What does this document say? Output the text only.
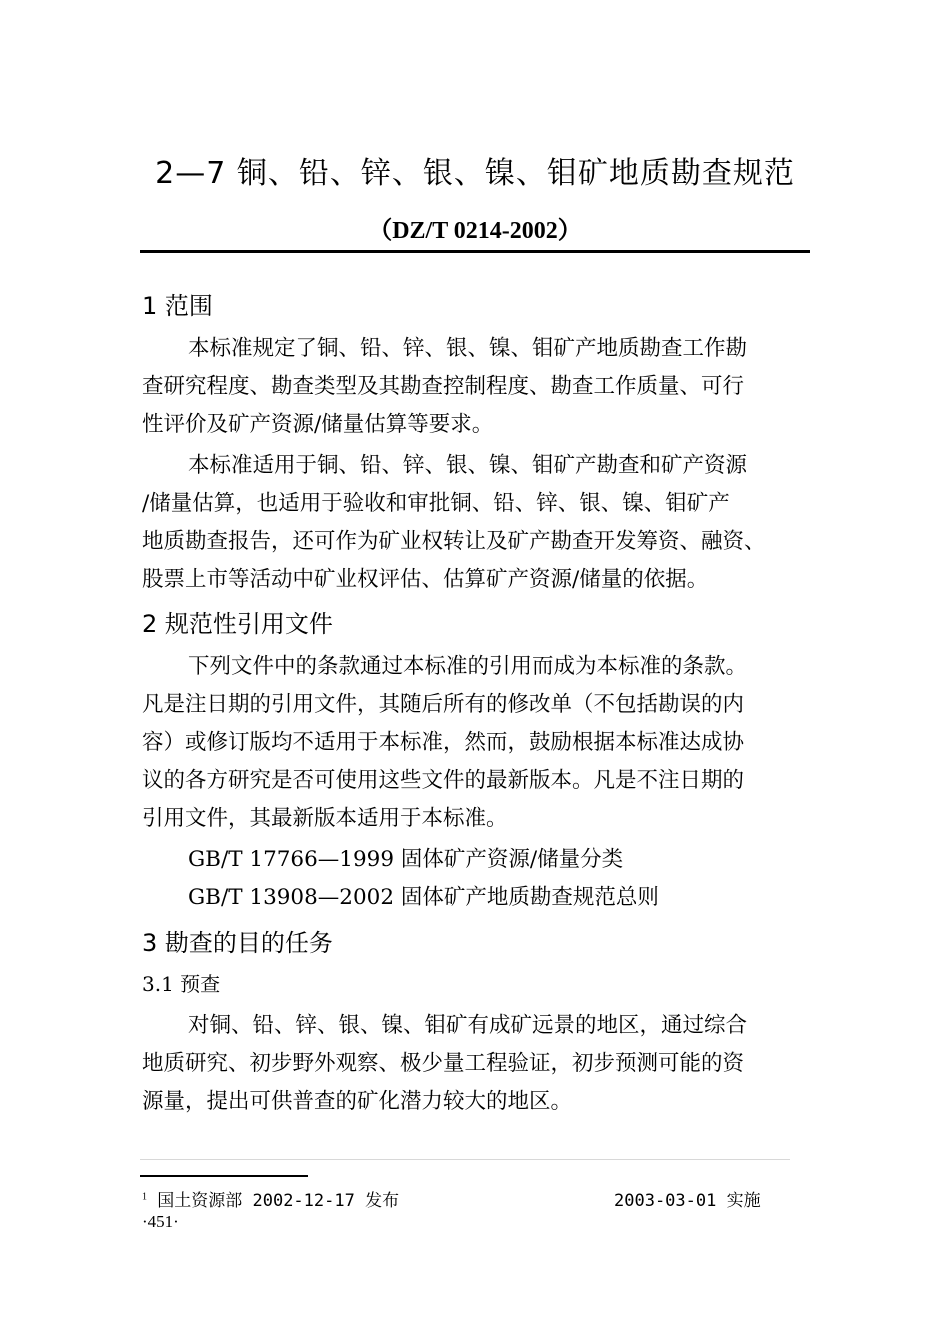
2—7 铜、铅、锌、银、镍、钼矿地质勘查规范
（DZ/T 0214-2002）
1 范围
本标准规定了铜、铅、锌、银、镍、钼矿产地质勘查工作勘
查研究程度、勘查类型及其勘查控制程度、勘查工作质量、可行
性评价及矿产资源/储量估算等要求。
本标准适用于铜、铅、锌、银、镍、钼矿产勘查和矿产资源
/储量估算，也适用于验收和审批铜、铅、锌、银、镍、钼矿产
地质勘查报告，还可作为矿业权转让及矿产勘查开发筹资、融资、
股票上市等活动中矿业权评估、估算矿产资源/储量的依据。
2 规范性引用文件
下列文件中的条款通过本标准的引用而成为本标准的条款。
凡是注日期的引用文件，其随后所有的修改单（不包括勘误的内
容）或修订版均不适用于本标准，然而，鼓励根据本标准达成协
议的各方研究是否可使用这些文件的最新版本。凡是不注日期的
引用文件，其最新版本适用于本标准。
GB/T 17766—1999 固体矿产资源/储量分类
GB/T 13908—2002 固体矿产地质勘查规范总则
3 勘查的目的任务
3.1 预查
对铜、铅、锌、银、镍、钼矿有成矿远景的地区，通过综合
地质研究、初步野外观察、极少量工程验证，初步预测可能的资
源量，提出可供普查的矿化潜力较大的地区。
$^1$ 国土资源部 2002-12-17 发布	2003-03-01 实施
·451·
